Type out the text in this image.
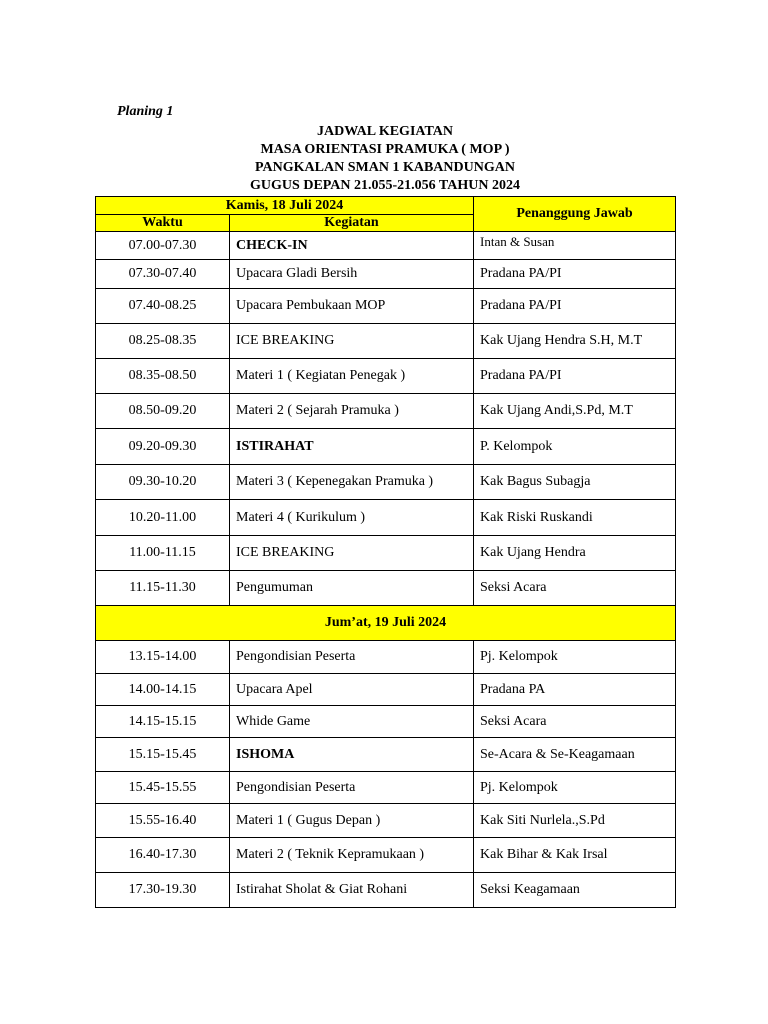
Planing 1
JADWAL KEGIATAN
MASA ORIENTASI PRAMUKA ( MOP )
PANGKALAN SMAN 1 KABANDUNGAN
GUGUS DEPAN 21.055-21.056 TAHUN 2024
Kamis, 18 Juli 2024		Penanggung Jawab
Waktu	Kegiatan	
07.00-07.30	CHECK-IN	Intan & Susan
07.30-07.40	Upacara Gladi Bersih	Pradana PA/PI
07.40-08.25	Upacara Pembukaan MOP	Pradana PA/PI
08.25-08.35	ICE BREAKING	Kak Ujang Hendra S.H, M.T
08.35-08.50	Materi 1 ( Kegiatan Penegak )	Pradana PA/PI
08.50-09.20	Materi 2 ( Sejarah Pramuka )	Kak Ujang Andi,S.Pd, M.T
09.20-09.30	ISTIRAHAT	P. Kelompok
09.30-10.20	Materi 3 ( Kepenegakan Pramuka )	Kak Bagus Subagja
10.20-11.00	Materi 4 ( Kurikulum )	Kak Riski Ruskandi
11.00-11.15	ICE BREAKING	Kak Ujang Hendra
11.15-11.30	Pengumuman	Seksi Acara
Jum’at, 19 Juli 2024		
13.15-14.00	Pengondisian Peserta	Pj. Kelompok
14.00-14.15	Upacara Apel	Pradana PA
14.15-15.15	Whide Game	Seksi Acara
15.15-15.45	ISHOMA	Se-Acara & Se-Keagamaan
15.45-15.55	Pengondisian Peserta	Pj. Kelompok
15.55-16.40	Materi 1 ( Gugus Depan )	Kak Siti Nurlela.,S.Pd
16.40-17.30	Materi 2 ( Teknik Kepramukaan )	Kak Bihar & Kak Irsal
17.30-19.30	Istirahat Sholat & Giat Rohani	Seksi Keagamaan
